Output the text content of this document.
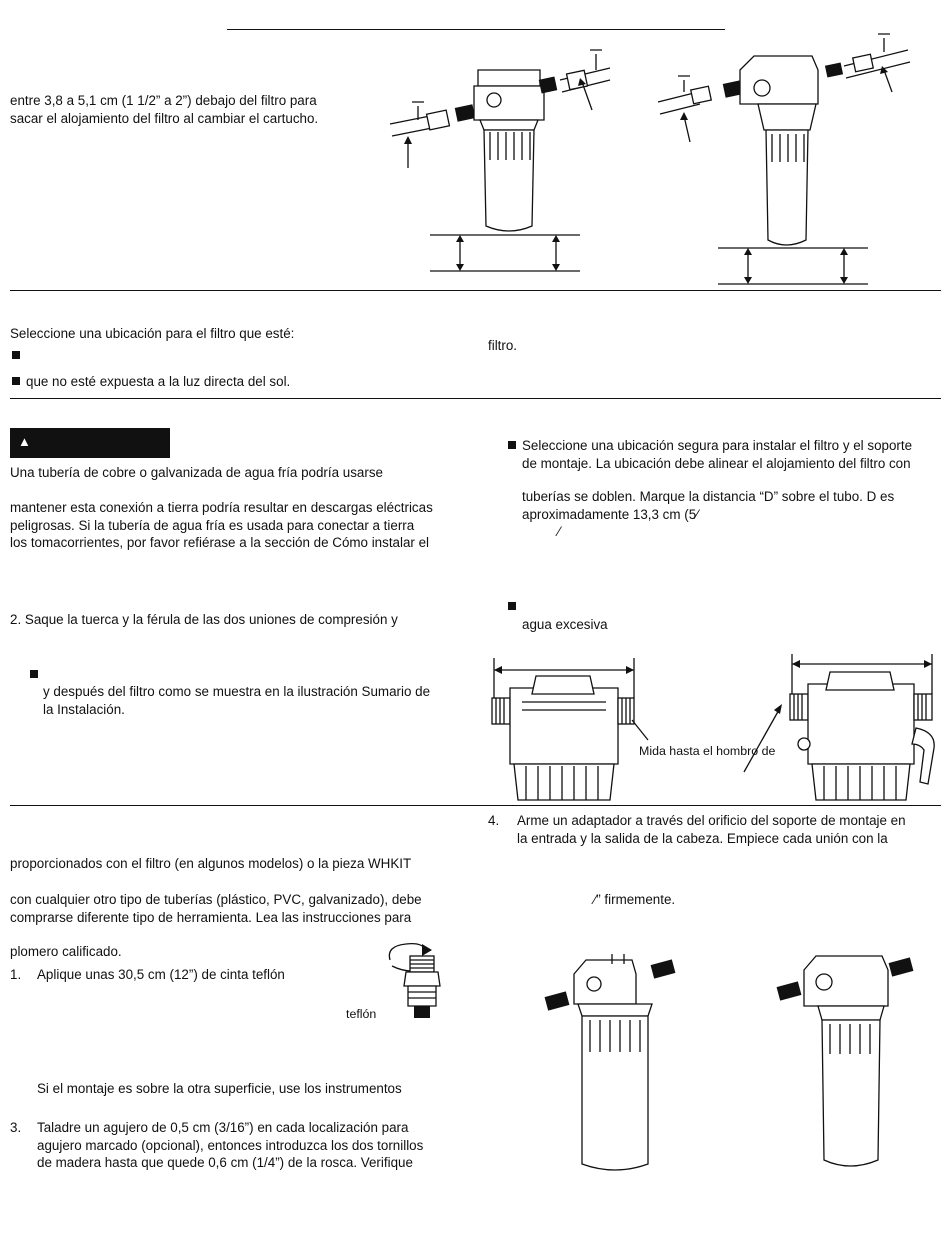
entre 3,8 a 5,1 cm (1 1/2” a 2”) debajo del filtro para
sacar el alojamiento del filtro al cambiar el cartucho.
Seleccione una ubicación para el filtro que esté:
que no esté expuesta a la luz directa del sol.
filtro.
▲
Una tubería de cobre o galvanizada de agua fría podría usarse
mantener esta conexión a tierra podría resultar en descargas eléctricas
peligrosas. Si la tubería de agua fría es usada para conectar a tierra
los tomacorrientes, por favor refiérase a la sección de Cómo instalar el
2. Saque la tuerca y la férula de las dos uniones de compresión y
y después del filtro como se muestra en la ilustración Sumario de
la Instalación.
Seleccione una ubicación segura para instalar el filtro y el soporte
de montaje. La ubicación debe alinear el alojamiento del filtro con
tuberías se doblen. Marque la distancia “D” sobre el tubo. D es
aproximadamente 13,3 cm (5⁄
⁄
agua excesiva
Mida hasta el hombro de
proporcionados con el filtro (en algunos modelos) o la pieza WHKIT
con cualquier otro tipo de tuberías (plástico, PVC, galvanizado), debe
comprarse diferente tipo de herramienta. Lea las instrucciones para
plomero calificado.
1. Aplique unas 30,5 cm (12”) de cinta teflón
teflón
Si el montaje es sobre la otra superficie, use los instrumentos
3. Taladre un agujero de 0,5 cm (3/16”) en cada localización para
agujero marcado (opcional), entonces introduzca los dos tornillos
de madera hasta que quede 0,6 cm (1/4”) de la rosca. Verifique
4. Arme un adaptador a través del orificio del soporte de montaje en
la entrada y la salida de la cabeza. Empiece cada unión con la
⁄” firmemente.
